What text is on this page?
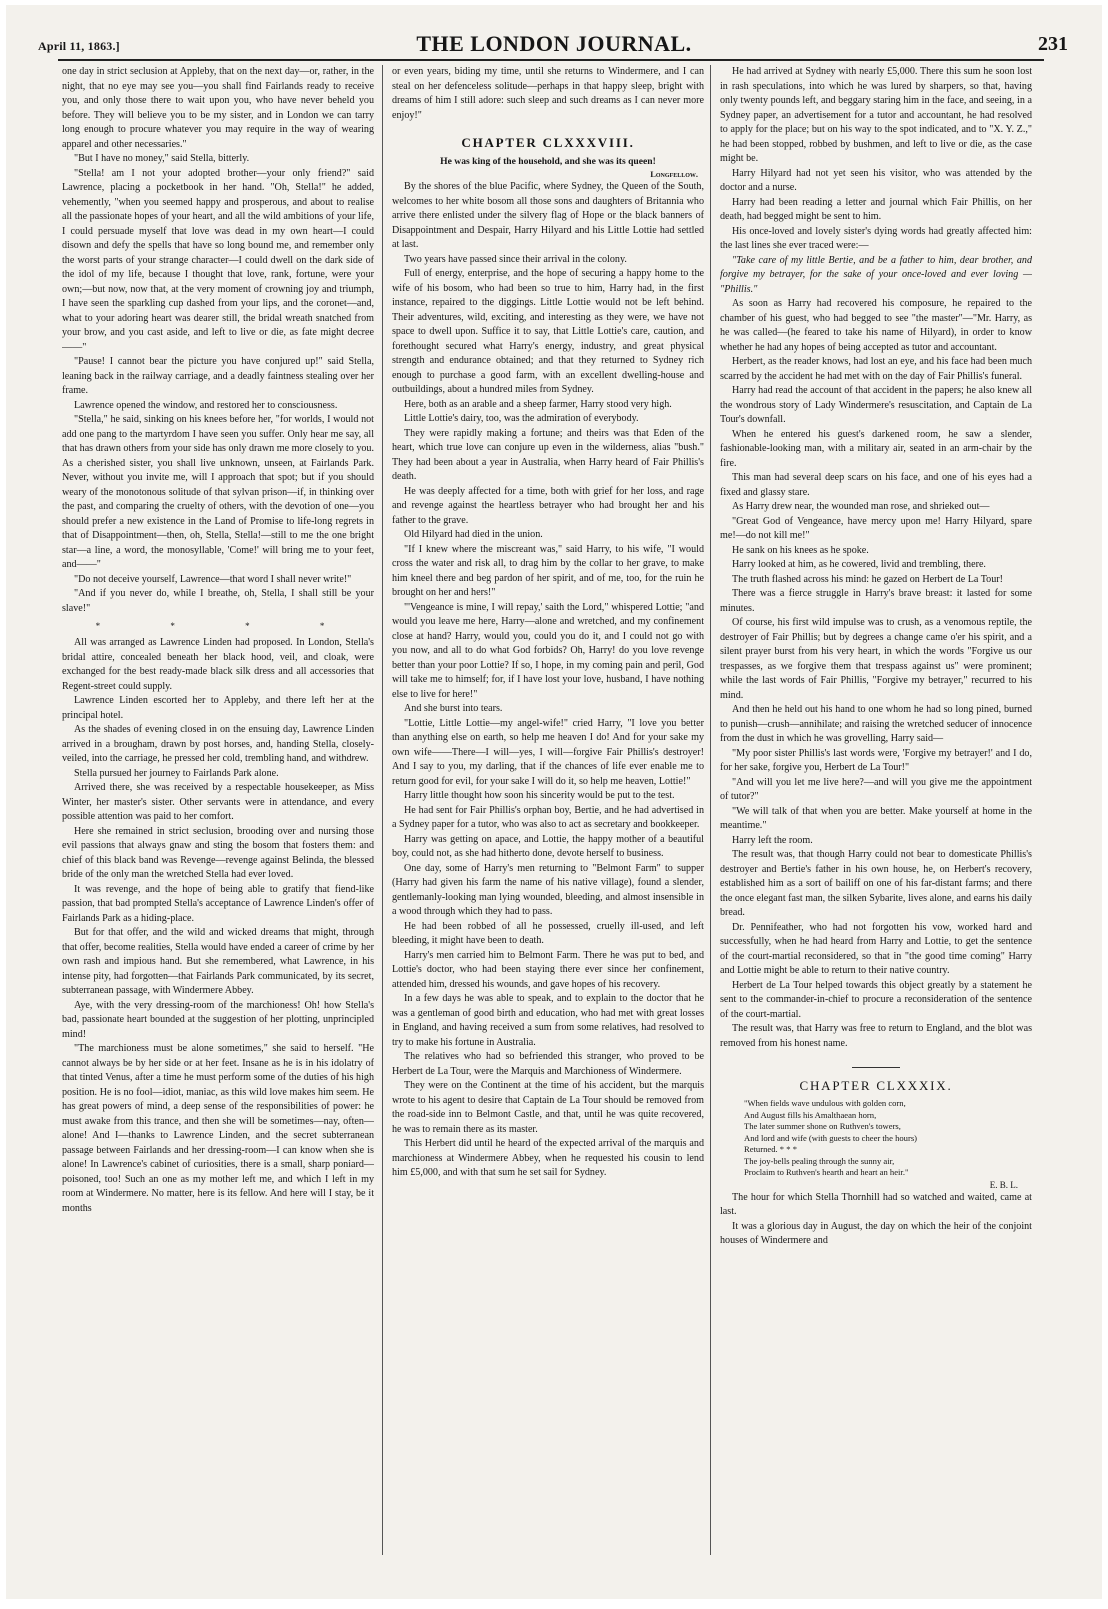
April 11, 1863.]	THE LONDON JOURNAL.	231

one day in strict seclusion at Appleby, that on the next day—or, rather, in the night, that no eye may see you—you shall find Fairlands ready to receive you, and only those there to wait upon you, who have never beheld you before. They will believe you to be my sister, and in London we can tarry long enough to procure whatever you may require in the way of wearing apparel and other necessaries."

"But I have no money," said Stella, bitterly.

"Stella! am I not your adopted brother—your only friend?" said Lawrence, placing a pocketbook in her hand. "Oh, Stella!" he added, vehemently, "when you seemed happy and prosperous, and about to realise all the passionate hopes of your heart, and all the wild ambitions of your life, I could persuade myself that love was dead in my own heart—I could disown and defy the spells that have so long bound me, and remember only the worst parts of your strange character—I could dwell on the dark side of the idol of my life, because I thought that love, rank, fortune, were your own;—but now, now that, at the very moment of crowning joy and triumph, I have seen the sparkling cup dashed from your lips, and the coronet—and, what to your adoring heart was dearer still, the bridal wreath snatched from your brow, and you cast aside, and left to live or die, as fate might decree——"

"Pause! I cannot bear the picture you have conjured up!" said Stella, leaning back in the railway carriage, and a deadly faintness stealing over her frame.

Lawrence opened the window, and restored her to consciousness.

"Stella," he said, sinking on his knees before her, "for worlds, I would not add one pang to the martyrdom I have seen you suffer. Only hear me say, all that has drawn others from your side has only drawn me more closely to you. As a cherished sister, you shall live unknown, unseen, at Fairlands Park. Never, without you invite me, will I approach that spot; but if you should weary of the monotonous solitude of that sylvan prison—if, in thinking over the past, and comparing the cruelty of others, with the devotion of one—you should prefer a new existence in the Land of Promise to life-long regrets in that of Disappointment—then, oh, Stella, Stella!—still to me the one bright star—a line, a word, the monosyllable, 'Come!' will bring me to your feet, and——"

"Do not deceive yourself, Lawrence—that word I shall never write!"

"And if you never do, while I breathe, oh, Stella, I shall still be your slave!"

* * * *

All was arranged as Lawrence Linden had proposed. In London, Stella's bridal attire, concealed beneath her black hood, veil, and cloak, were exchanged for the best ready-made black silk dress and all accessories that Regent-street could supply.

Lawrence Linden escorted her to Appleby, and there left her at the principal hotel.

As the shades of evening closed in on the ensuing day, Lawrence Linden arrived in a brougham, drawn by post horses, and, handing Stella, closely-veiled, into the carriage, he pressed her cold, trembling hand, and withdrew.

Stella pursued her journey to Fairlands Park alone.

Arrived there, she was received by a respectable housekeeper, as Miss Winter, her master's sister. Other servants were in attendance, and every possible attention was paid to her comfort.

Here she remained in strict seclusion, brooding over and nursing those evil passions that always gnaw and sting the bosom that fosters them: and chief of this black band was Revenge—revenge against Belinda, the blessed bride of the only man the wretched Stella had ever loved.

It was revenge, and the hope of being able to gratify that fiend-like passion, that bad prompted Stella's acceptance of Lawrence Linden's offer of Fairlands Park as a hiding-place.

But for that offer, and the wild and wicked dreams that might, through that offer, become realities, Stella would have ended a career of crime by her own rash and impious hand. But she remembered, what Lawrence, in his intense pity, had forgotten—that Fairlands Park communicated, by its secret, subterranean passage, with Windermere Abbey.

Aye, with the very dressing-room of the marchioness! Oh! how Stella's bad, passionate heart bounded at the suggestion of her plotting, unprincipled mind!

"The marchioness must be alone sometimes," she said to herself. "He cannot always be by her side or at her feet. Insane as he is in his idolatry of that tinted Venus, after a time he must perform some of the duties of his high position. He is no fool—idiot, maniac, as this wild love makes him seem. He has great powers of mind, a deep sense of the responsibilities of power: he must awake from this trance, and then she will be sometimes—nay, often—alone! And I—thanks to Lawrence Linden, and the secret subterranean passage between Fairlands and her dressing-room—I can know when she is alone! In Lawrence's cabinet of curiosities, there is a small, sharp poniard—poisoned, too! Such an one as my mother left me, and which I left in my room at Windermere. No matter, here is its fellow. And here will I stay, be it months

or even years, biding my time, until she returns to Windermere, and I can steal on her defenceless solitude—perhaps in that happy sleep, bright with dreams of him I still adore: such sleep and such dreams as I can never more enjoy!"

CHAPTER CLXXXVIII.
He was king of the household, and she was its queen!
Longfellow.

By the shores of the blue Pacific, where Sydney, the Queen of the South, welcomes to her white bosom all those sons and daughters of Britannia who arrive there enlisted under the silvery flag of Hope or the black banners of Disappointment and Despair, Harry Hilyard and his Little Lottie had settled at last.

Two years have passed since their arrival in the colony.

Full of energy, enterprise, and the hope of securing a happy home to the wife of his bosom, who had been so true to him, Harry had, in the first instance, repaired to the diggings. Little Lottie would not be left behind. Their adventures, wild, exciting, and interesting as they were, we have not space to dwell upon. Suffice it to say, that Little Lottie's care, caution, and forethought secured what Harry's energy, industry, and great physical strength and endurance obtained; and that they returned to Sydney rich enough to purchase a good farm, with an excellent dwelling-house and outbuildings, about a hundred miles from Sydney.

Here, both as an arable and a sheep farmer, Harry stood very high.

Little Lottie's dairy, too, was the admiration of everybody.

They were rapidly making a fortune; and theirs was that Eden of the heart, which true love can conjure up even in the wilderness, alias "bush." They had been about a year in Australia, when Harry heard of Fair Phillis's death.

He was deeply affected for a time, both with grief for her loss, and rage and revenge against the heartless betrayer who had brought her and his father to the grave.

Old Hilyard had died in the union.

"If I knew where the miscreant was," said Harry, to his wife, "I would cross the water and risk all, to drag him by the collar to her grave, to make him kneel there and beg pardon of her spirit, and of me, too, for the ruin he brought on her and hers!"

"'Vengeance is mine, I will repay,' saith the Lord," whispered Lottie; "and would you leave me here, Harry—alone and wretched, and my confinement close at hand? Harry, would you, could you do it, and I could not go with you now, and all to do what God forbids? Oh, Harry! do you love revenge better than your poor Lottie? If so, I hope, in my coming pain and peril, God will take me to himself; for, if I have lost your love, husband, I have nothing else to live for here!"

And she burst into tears.

"Lottie, Little Lottie—my angel-wife!" cried Harry, "I love you better than anything else on earth, so help me heaven I do! And for your sake my own wife——There—I will—yes, I will—forgive Fair Phillis's destroyer! And I say to you, my darling, that if the chances of life ever enable me to return good for evil, for your sake I will do it, so help me heaven, Lottie!"

Harry little thought how soon his sincerity would be put to the test.

He had sent for Fair Phillis's orphan boy, Bertie, and he had advertised in a Sydney paper for a tutor, who was also to act as secretary and bookkeeper.

Harry was getting on apace, and Lottie, the happy mother of a beautiful boy, could not, as she had hitherto done, devote herself to business.

One day, some of Harry's men returning to "Belmont Farm" to supper (Harry had given his farm the name of his native village), found a slender, gentlemanly-looking man lying wounded, bleeding, and almost insensible in a wood through which they had to pass.

He had been robbed of all he possessed, cruelly ill-used, and left bleeding, it might have been to death.

Harry's men carried him to Belmont Farm. There he was put to bed, and Lottie's doctor, who had been staying there ever since her confinement, attended him, dressed his wounds, and gave hopes of his recovery.

In a few days he was able to speak, and to explain to the doctor that he was a gentleman of good birth and education, who had met with great losses in England, and having received a sum from some relatives, had resolved to try to make his fortune in Australia.

The relatives who had so befriended this stranger, who proved to be Herbert de La Tour, were the Marquis and Marchioness of Windermere.

They were on the Continent at the time of his accident, but the marquis wrote to his agent to desire that Captain de La Tour should be removed from the road-side inn to Belmont Castle, and that, until he was quite recovered, he was to remain there as its master.

This Herbert did until he heard of the expected arrival of the marquis and marchioness at Windermere Abbey, when he requested his cousin to lend him £5,000, and with that sum he set sail for Sydney.

He had arrived at Sydney with nearly £5,000. There this sum he soon lost in rash speculations, into which he was lured by sharpers, so that, having only twenty pounds left, and beggary staring him in the face, and seeing, in a Sydney paper, an advertisement for a tutor and accountant, he had resolved to apply for the place; but on his way to the spot indicated, and to "X. Y. Z.," he had been stopped, robbed by bushmen, and left to live or die, as the case might be.

Harry Hilyard had not yet seen his visitor, who was attended by the doctor and a nurse.

Harry had been reading a letter and journal which Fair Phillis, on her death, had begged might be sent to him.

His once-loved and lovely sister's dying words had greatly affected him: the last lines she ever traced were:—

"Take care of my little Bertie, and be a father to him, dear brother, and forgive my betrayer, for the sake of your once-loved and ever loving — "Phillis."

As soon as Harry had recovered his composure, he repaired to the chamber of his guest, who had begged to see "the master"—"Mr. Harry, as he was called—(he feared to take his name of Hilyard), in order to know whether he had any hopes of being accepted as tutor and accountant.

Herbert, as the reader knows, had lost an eye, and his face had been much scarred by the accident he had met with on the day of Fair Phillis's funeral.

Harry had read the account of that accident in the papers; he also knew all the wondrous story of Lady Windermere's resuscitation, and Captain de La Tour's downfall.

When he entered his guest's darkened room, he saw a slender, fashionable-looking man, with a military air, seated in an arm-chair by the fire.

This man had several deep scars on his face, and one of his eyes had a fixed and glassy stare.

As Harry drew near, the wounded man rose, and shrieked out—

"Great God of Vengeance, have mercy upon me! Harry Hilyard, spare me!—do not kill me!"

He sank on his knees as he spoke.

Harry looked at him, as he cowered, livid and trembling, there.

The truth flashed across his mind: he gazed on Herbert de La Tour!

There was a fierce struggle in Harry's brave breast: it lasted for some minutes.

Of course, his first wild impulse was to crush, as a venomous reptile, the destroyer of Fair Phillis; but by degrees a change came o'er his spirit, and a silent prayer burst from his very heart, in which the words "Forgive us our trespasses, as we forgive them that trespass against us" were prominent; while the last words of Fair Phillis, "Forgive my betrayer," recurred to his mind.

And then he held out his hand to one whom he had so long pined, burned to punish—crush—annihilate; and raising the wretched seducer of innocence from the dust in which he was grovelling, Harry said—

"My poor sister Phillis's last words were, 'Forgive my betrayer!' and I do, for her sake, forgive you, Herbert de La Tour!"

"And will you let me live here?—and will you give me the appointment of tutor?"

"We will talk of that when you are better. Make yourself at home in the meantime."

Harry left the room.

The result was, that though Harry could not bear to domesticate Phillis's destroyer and Bertie's father in his own house, he, on Herbert's recovery, established him as a sort of bailiff on one of his far-distant farms; and there the once elegant fast man, the silken Sybarite, lives alone, and earns his daily bread.

Dr. Pennifeather, who had not forgotten his vow, worked hard and successfully, when he had heard from Harry and Lottie, to get the sentence of the court-martial reconsidered, so that in "the good time coming" Harry and Lottie might be able to return to their native country.

Herbert de La Tour helped towards this object greatly by a statement he sent to the commander-in-chief to procure a reconsideration of the sentence of the court-martial.

The result was, that Harry was free to return to England, and the blot was removed from his honest name.

CHAPTER CLXXXIX.
"When fields wave undulous with golden corn,
And August fills his Amalthaean horn,
The later summer shone on Ruthven's towers,
And lord and wife (with guests to cheer the hours)
Returned. * * *
The joy-bells pealing through the sunny air,
Proclaim to Ruthven's hearth and heart an heir."
E. B. L.

The hour for which Stella Thornhill had so watched and waited, came at last.

It was a glorious day in August, the day on which the heir of the conjoint houses of Windermere and
